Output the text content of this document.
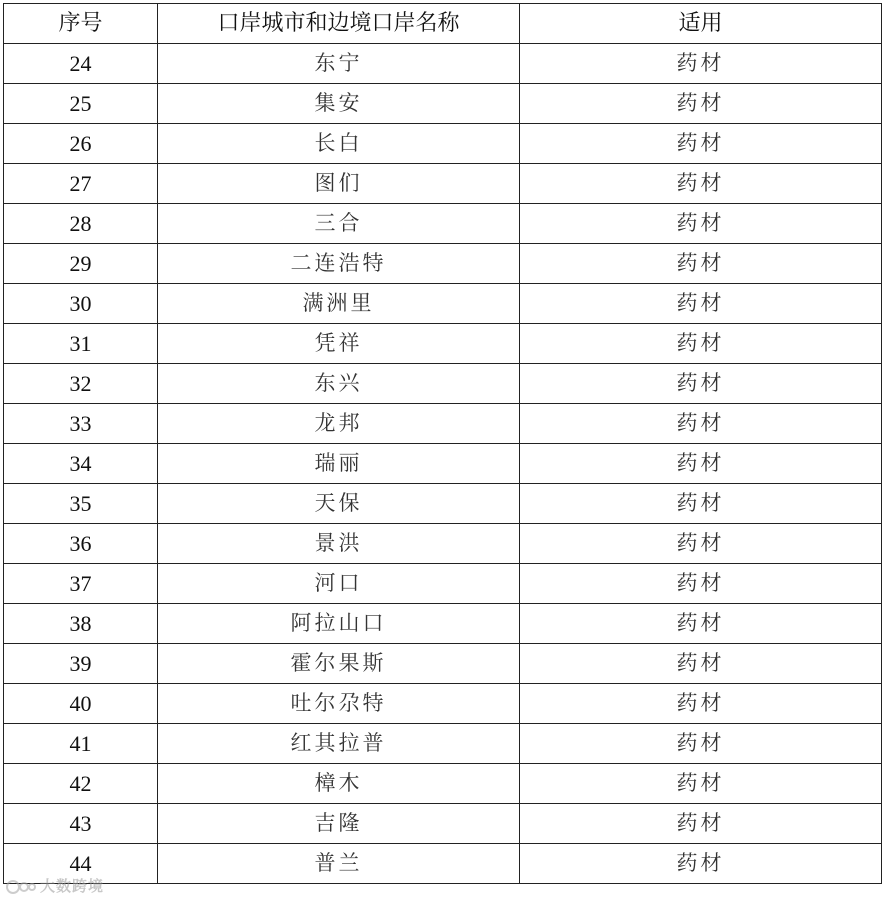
序号	口岸城市和边境口岸名称	适用
24	东宁	药材
25	集安	药材
26	长白	药材
27	图们	药材
28	三合	药材
29	二连浩特	药材
30	满洲里	药材
31	凭祥	药材
32	东兴	药材
33	龙邦	药材
34	瑞丽	药材
35	天保	药材
36	景洪	药材
37	河口	药材
38	阿拉山口	药材
39	霍尔果斯	药材
40	吐尔尕特	药材
41	红其拉普	药材
42	樟木	药材
43	吉隆	药材
44	普兰	药材
大数跨境
